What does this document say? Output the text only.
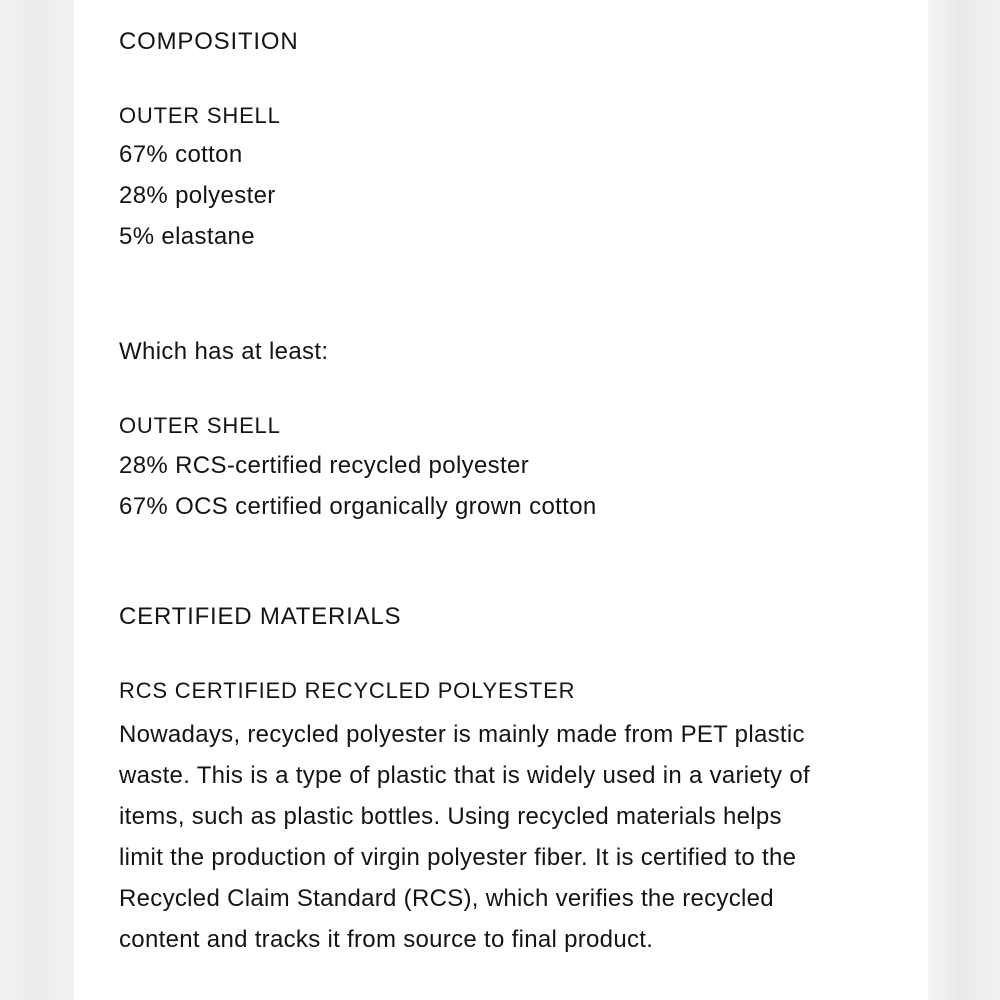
COMPOSITION
OUTER SHELL
67% cotton
28% polyester
5% elastane
Which has at least:
OUTER SHELL
28% RCS-certified recycled polyester
67% OCS certified organically grown cotton
CERTIFIED MATERIALS
RCS CERTIFIED RECYCLED POLYESTER
Nowadays, recycled polyester is mainly made from PET plastic
waste. This is a type of plastic that is widely used in a variety of
items, such as plastic bottles. Using recycled materials helps
limit the production of virgin polyester fiber. It is certified to the
Recycled Claim Standard (RCS), which verifies the recycled
content and tracks it from source to final product.
